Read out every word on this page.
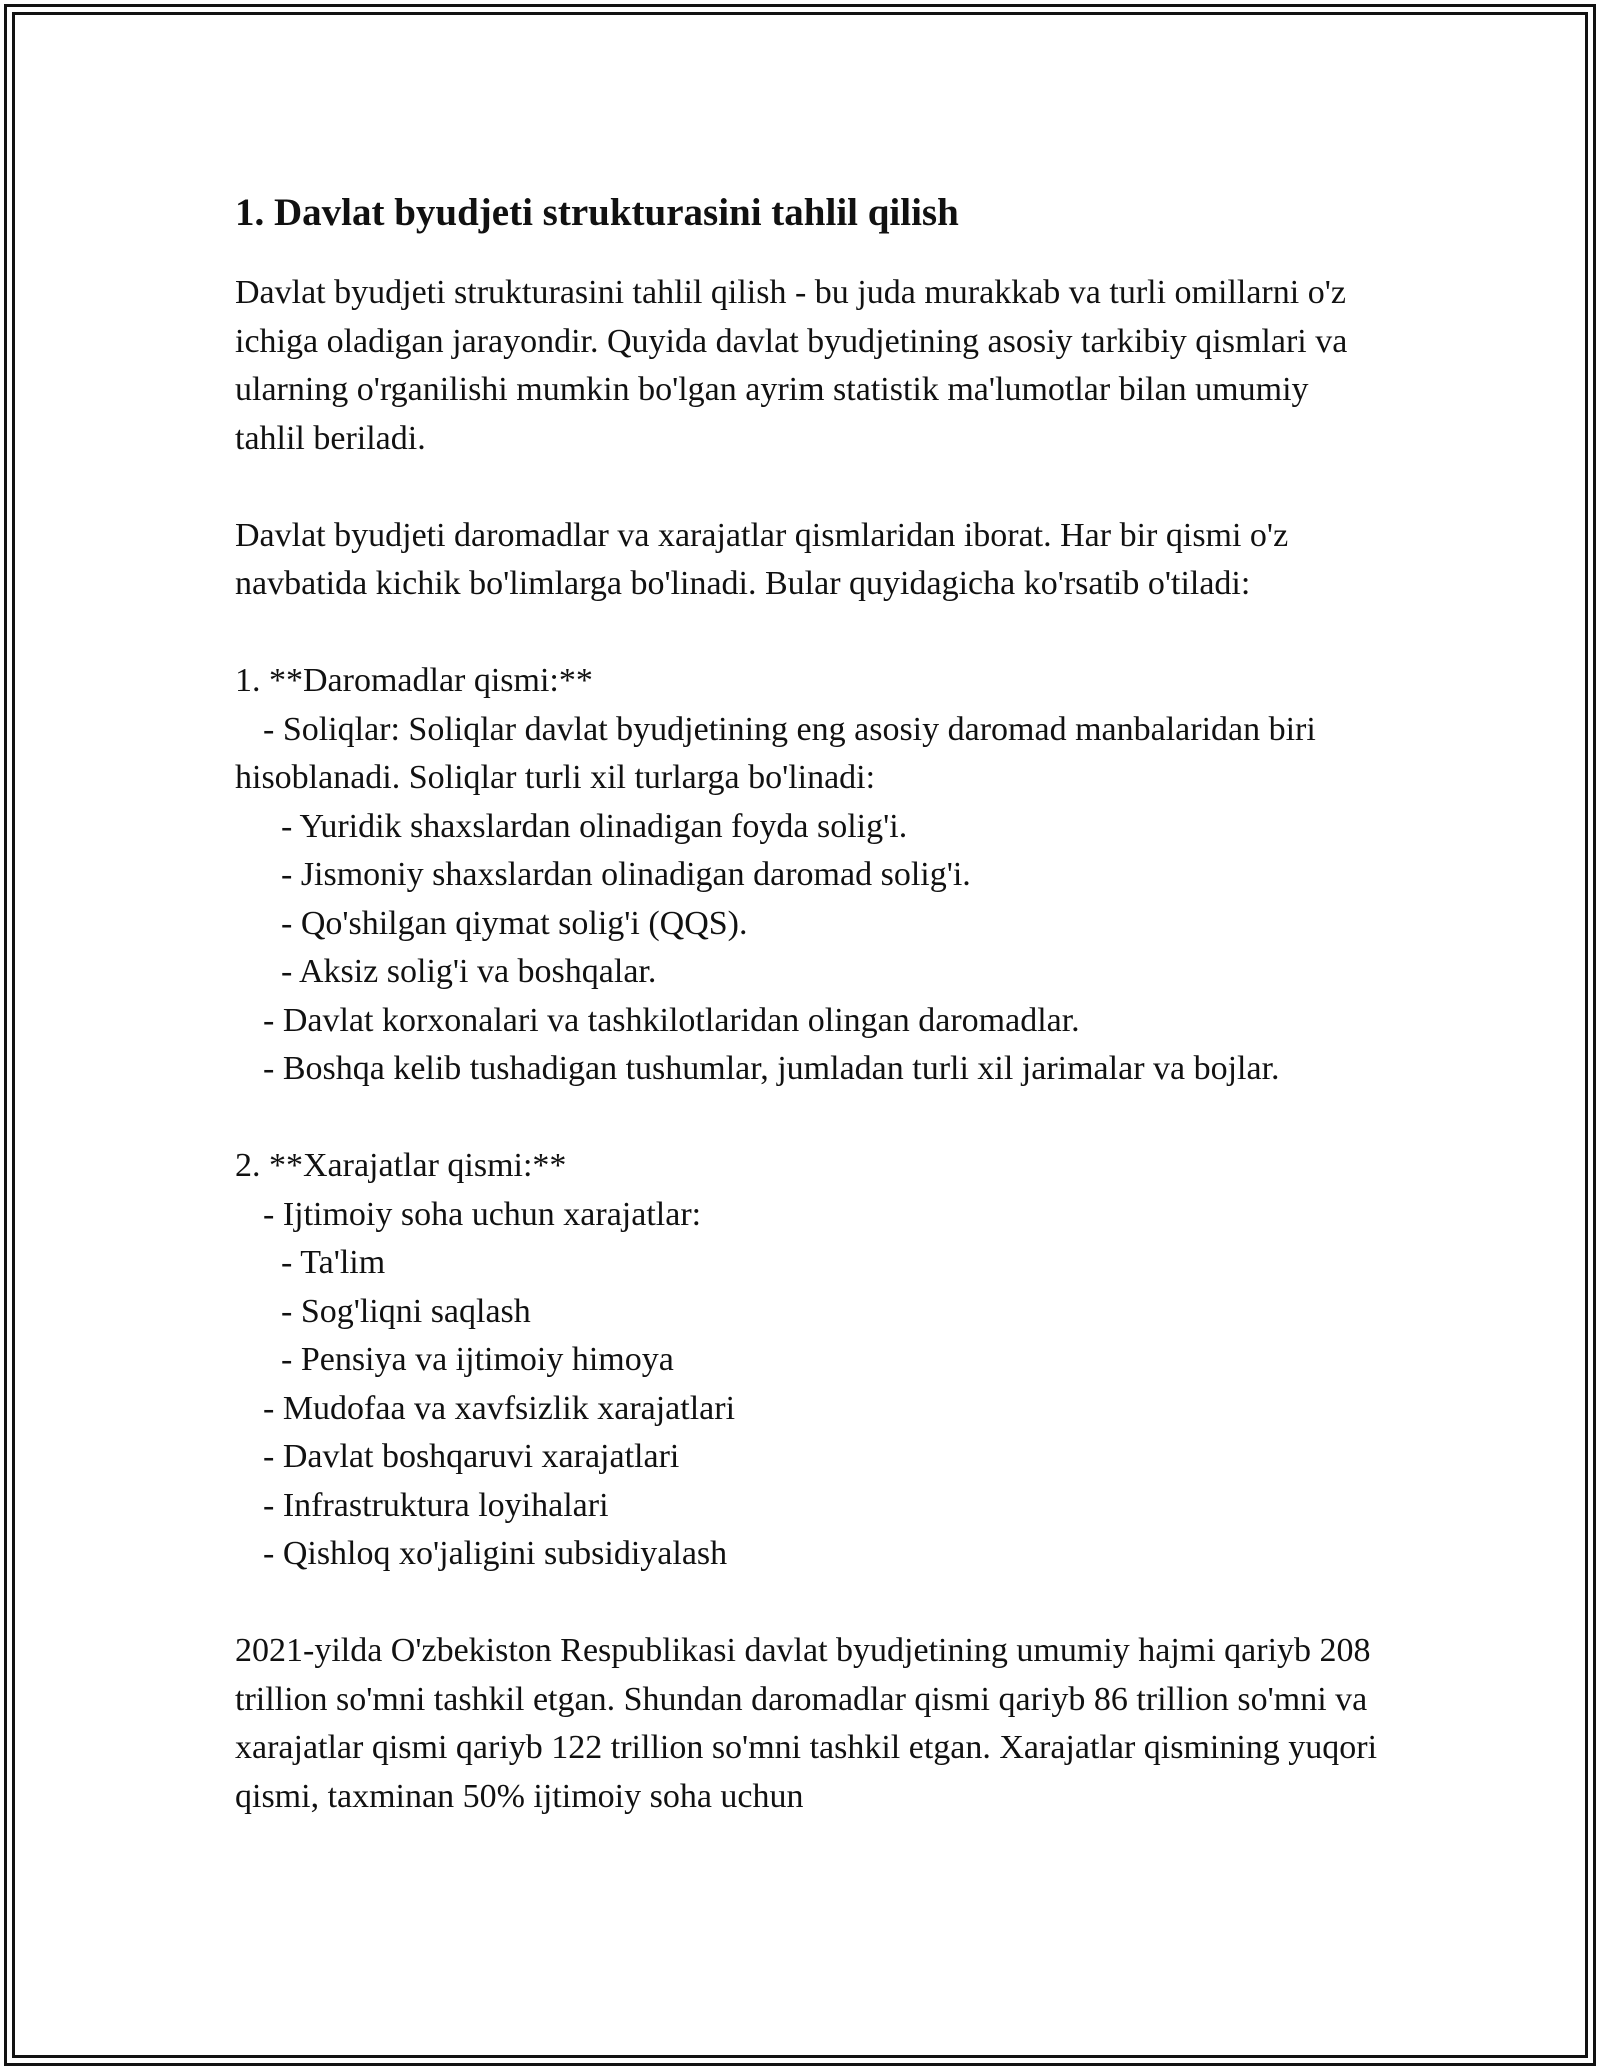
1. Davlat byudjeti strukturasini tahlil qilish

Davlat byudjeti strukturasini tahlil qilish - bu juda murakkab va turli omillarni o'z ichiga oladigan jarayondir. Quyida davlat byudjetining asosiy tarkibiy qismlari va ularning o'rganilishi mumkin bo'lgan ayrim statistik ma'lumotlar bilan umumiy tahlil beriladi.

Davlat byudjeti daromadlar va xarajatlar qismlaridan iborat. Har bir qismi o'z navbatida kichik bo'limlarga bo'linadi. Bular quyidagicha ko'rsatib o'tiladi:

1. **Daromadlar qismi:**

- Soliqlar: Soliqlar davlat byudjetining eng asosiy daromad manbalaridan biri hisoblanadi. Soliqlar turli xil turlarga bo'linadi:

- Yuridik shaxslardan olinadigan foyda solig'i.

- Jismoniy shaxslardan olinadigan daromad solig'i.

- Qo'shilgan qiymat solig'i (QQS).

- Aksiz solig'i va boshqalar.

- Davlat korxonalari va tashkilotlaridan olingan daromadlar.

- Boshqa kelib tushadigan tushumlar, jumladan turli xil jarimalar va bojlar.

2. **Xarajatlar qismi:**

- Ijtimoiy soha uchun xarajatlar:

- Ta'lim

- Sog'liqni saqlash

- Pensiya va ijtimoiy himoya

- Mudofaa va xavfsizlik xarajatlari

- Davlat boshqaruvi xarajatlari

- Infrastruktura loyihalari

- Qishloq xo'jaligini subsidiyalash

2021-yilda O'zbekiston Respublikasi davlat byudjetining umumiy hajmi qariyb 208 trillion so'mni tashkil etgan. Shundan daromadlar qismi qariyb 86 trillion so'mni va xarajatlar qismi qariyb 122 trillion so'mni tashkil etgan. Xarajatlar qismining yuqori qismi, taxminan 50% ijtimoiy soha uchun
